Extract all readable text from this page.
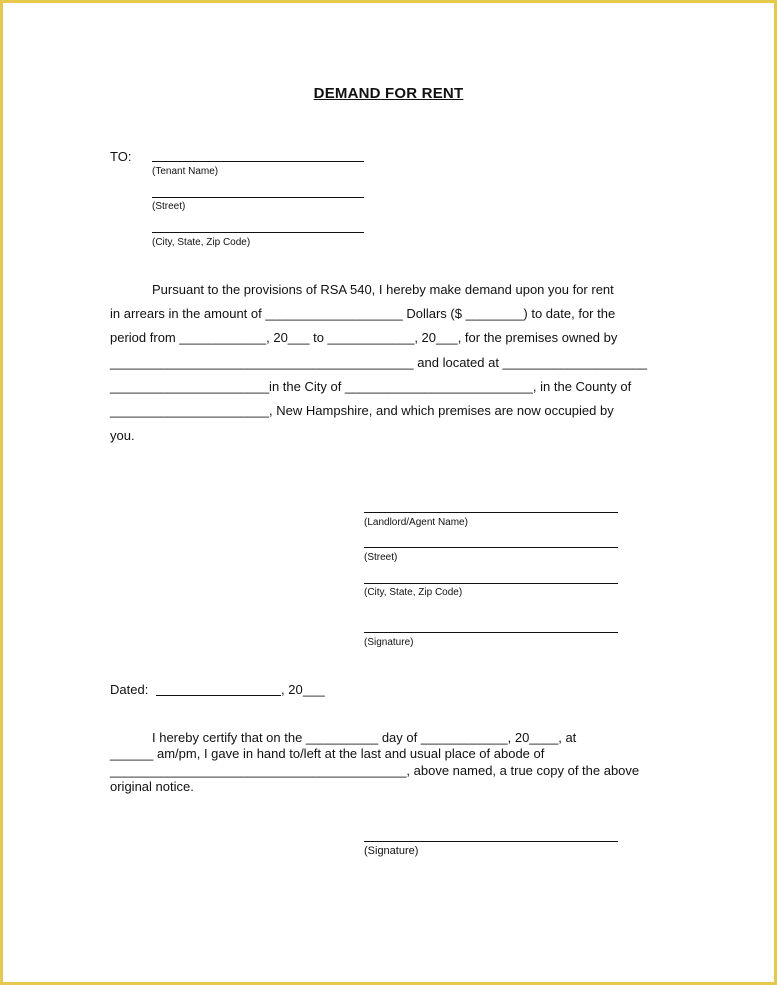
DEMAND FOR RENT
TO:
(Tenant Name)
(Street)
(City, State, Zip Code)
Pursuant to the provisions of RSA 540, I hereby make demand upon you for rent
in arrears in the amount of ___________________ Dollars ($ ________) to date, for the
period from ____________, 20___ to ____________, 20___, for the premises owned by
__________________________________________ and located at ____________________
______________________in the City of __________________________, in the County of
______________________, New Hampshire, and which premises are now occupied by
you.
(Landlord/Agent Name)
(Street)
(City, State, Zip Code)
(Signature)
Dated:	, 20 ___
I hereby certify that on the __________ day of ____________, 20____, at
______ am/pm, I gave in hand to/left at the last and usual place of abode of
_________________________________________, above named, a true copy of the above
original notice.
(Signature)
